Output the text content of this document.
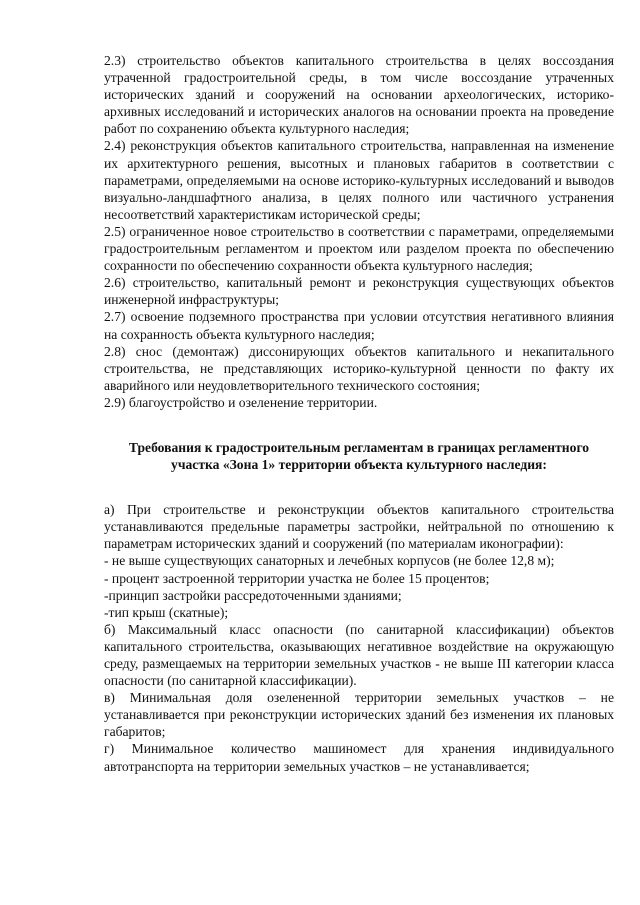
2.3) строительство объектов капитального строительства в целях воссоздания утраченной градостроительной среды, в том числе воссоздание утраченных исторических зданий и сооружений на основании археологических, историко-архивных исследований и исторических аналогов на основании проекта на проведение работ по сохранению объекта культурного наследия;

2.4) реконструкция объектов капитального строительства, направленная на изменение их архитектурного решения, высотных и плановых габаритов в соответствии с параметрами, определяемыми на основе историко-культурных исследований и выводов визуально-ландшафтного анализа, в целях полного или частичного устранения несоответствий характеристикам исторической среды;

2.5) ограниченное новое строительство в соответствии с параметрами, определяемыми градостроительным регламентом и проектом или разделом проекта по обеспечению сохранности по обеспечению сохранности объекта культурного наследия;

2.6) строительство, капитальный ремонт и реконструкция существующих объектов инженерной инфраструктуры;

2.7) освоение подземного пространства при условии отсутствия негативного влияния на сохранность объекта культурного наследия;

2.8) снос (демонтаж) диссонирующих объектов капитального и некапитального строительства, не представляющих историко-культурной ценности по факту их аварийного или неудовлетворительного технического состояния;

2.9) благоустройство и озеленение территории.

Требования к градостроительным регламентам в границах регламентного участка «Зона 1» территории объекта культурного наследия:

а) При строительстве и реконструкции объектов капитального строительства устанавливаются предельные параметры застройки, нейтральной по отношению к параметрам исторических зданий и сооружений (по материалам иконографии):

- не выше существующих санаторных и лечебных корпусов (не более 12,8 м);

- процент застроенной территории участка не более 15 процентов;

-принцип застройки рассредоточенными зданиями;

-тип крыш (скатные);

б) Максимальный класс опасности (по санитарной классификации) объектов капитального строительства, оказывающих негативное воздействие на окружающую среду, размещаемых на территории земельных участков - не выше III категории класса опасности (по санитарной классификации).

в) Минимальная доля озелененной территории земельных участков – не устанавливается при реконструкции исторических зданий без изменения их плановых габаритов;

г) Минимальное количество машиномест для хранения индивидуального автотранспорта на территории земельных участков – не устанавливается;
